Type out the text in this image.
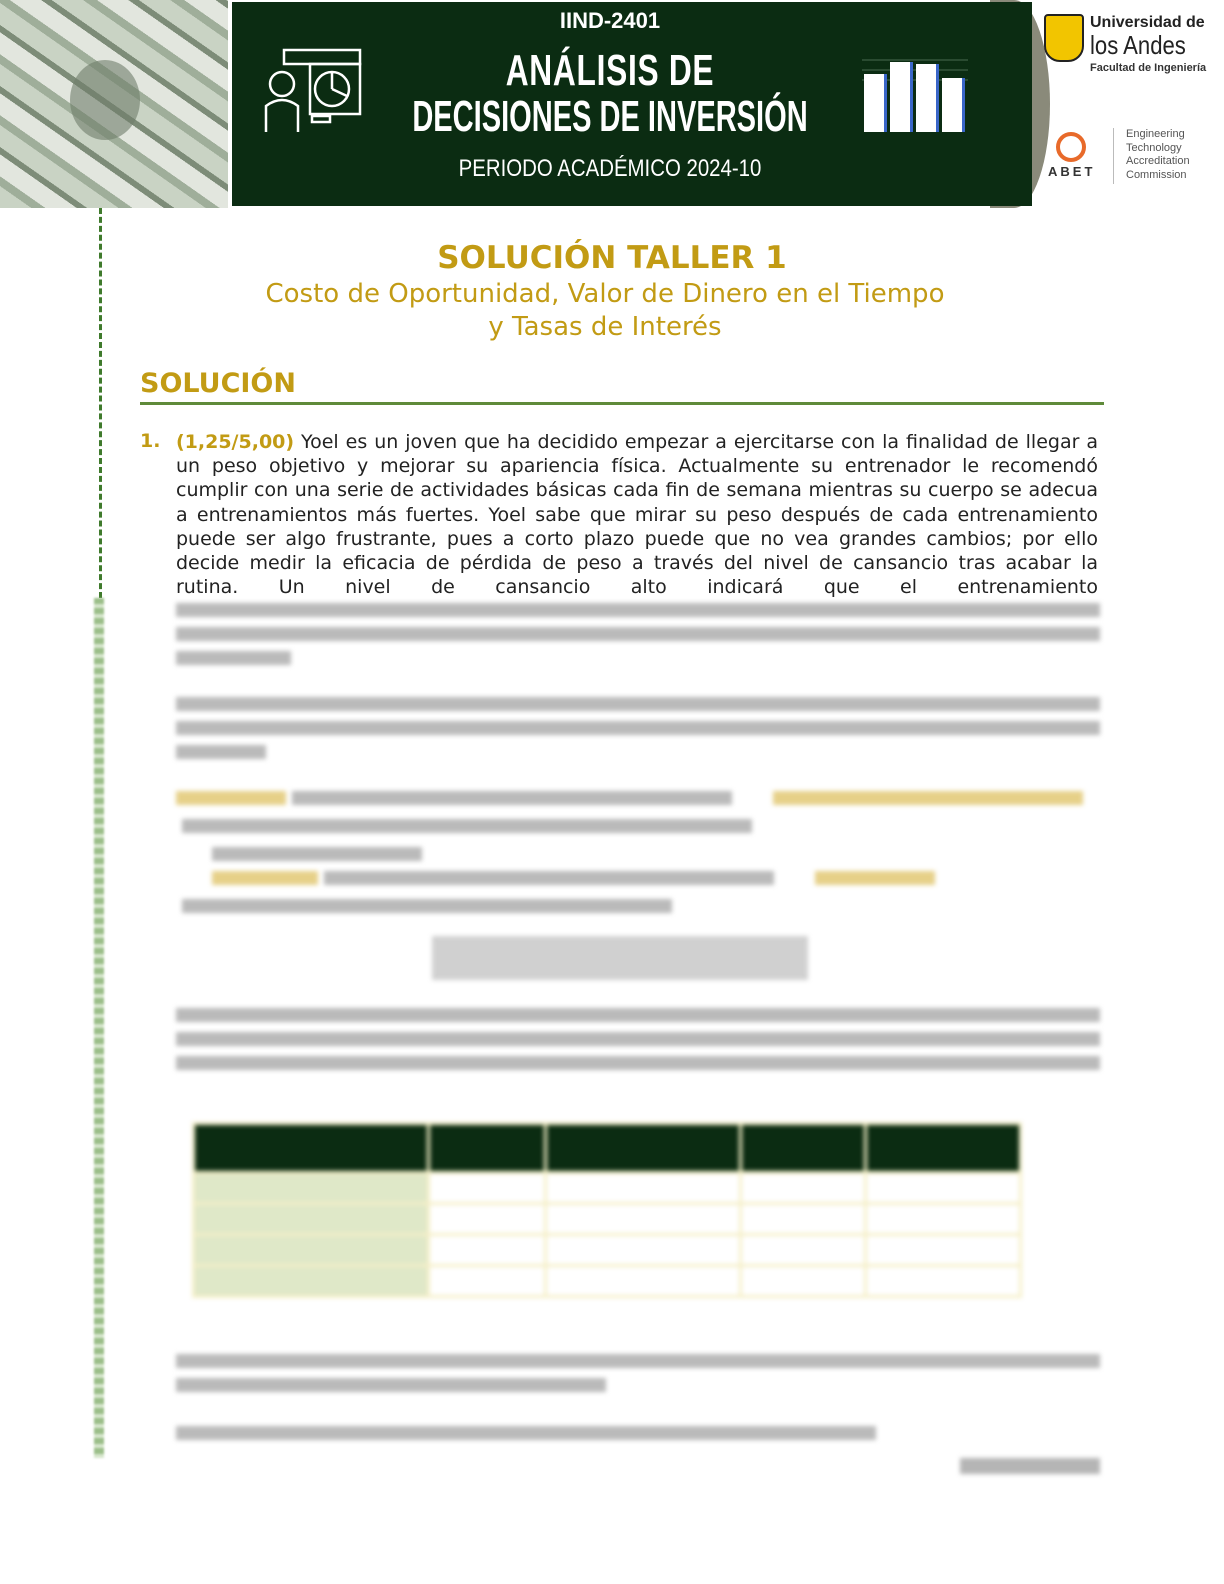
IIND-2401
ANÁLISIS DE
DECISIONES DE INVERSIÓN
PERIODO ACADÉMICO 2024-10
Universidad de
los Andes
Facultad de Ingeniería
ABET
Engineering
Technology
Accreditation
Commission
SOLUCIÓN TALLER 1
Costo de Oportunidad, Valor de Dinero en el Tiempo
y Tasas de Interés
SOLUCIÓN
1. (1,25/5,00) Yoel es un joven que ha decidido empezar a ejercitarse con la finalidad de llegar a un peso objetivo y mejorar su apariencia física. Actualmente su entrenador le recomendó cumplir con una serie de actividades básicas cada fin de semana mientras su cuerpo se adecua a entrenamientos más fuertes. Yoel sabe que mirar su peso después de cada entrenamiento puede ser algo frustrante, pues a corto plazo puede que no vea grandes cambios; por ello decide medir la eficacia de pérdida de peso a través del nivel de cansancio tras acabar la rutina. Un nivel de cansancio alto indicará que el entrenamiento
